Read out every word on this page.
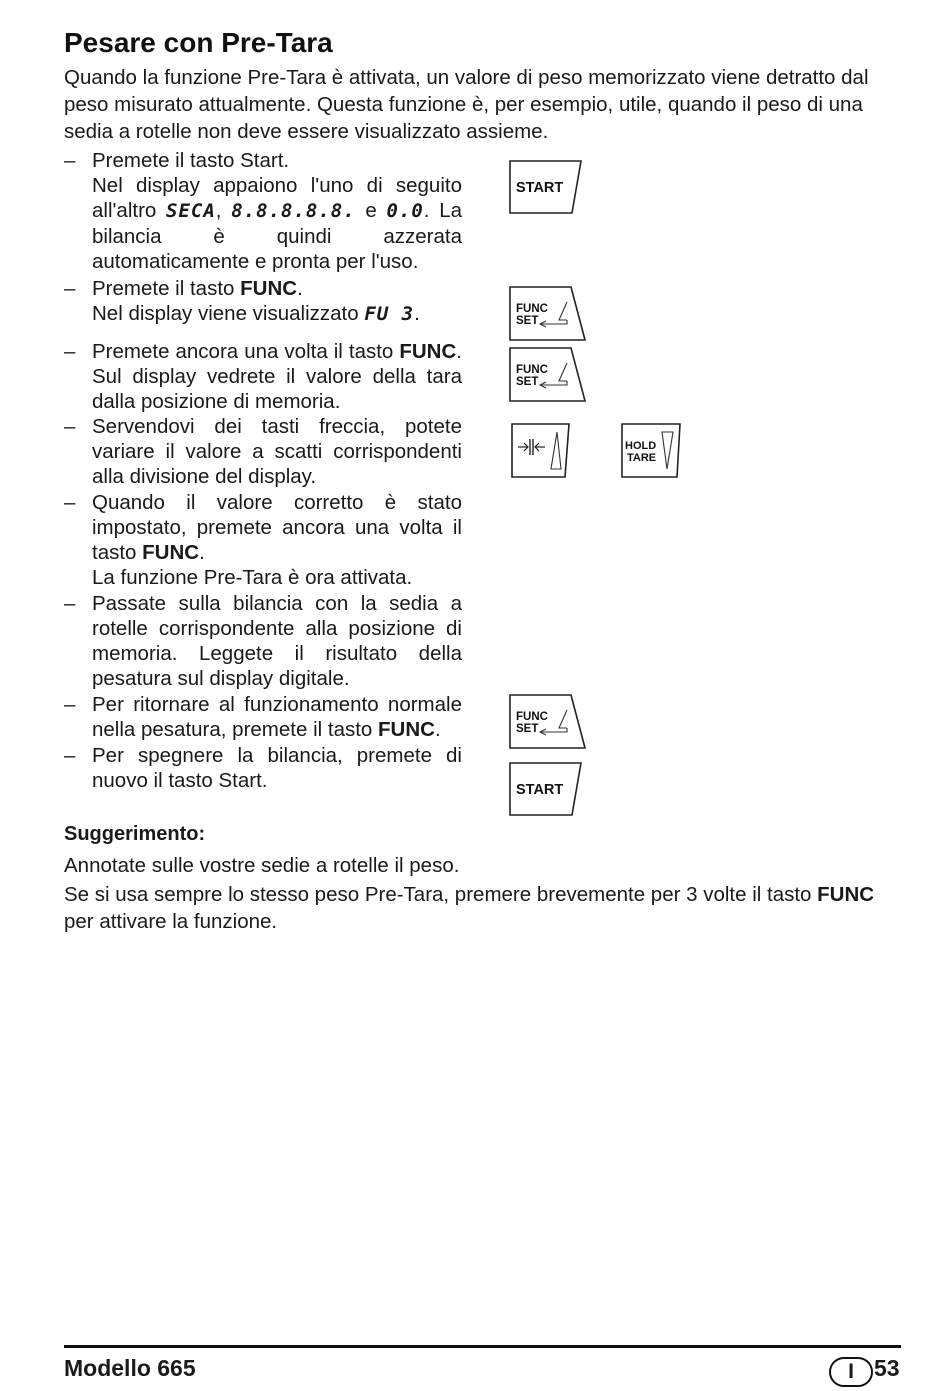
Pesare con Pre-Tara

Quando la funzione Pre-Tara è attivata, un valore di peso memorizzato viene detratto dal peso misurato attualmente. Questa funzione è, per esempio, utile, quando il peso di una sedia a rotelle non deve essere visualizzato assieme.

– Premete il tasto Start.

Nel display appaiono l'uno di seguito all'altro SECA, 8.8.8.8.8. e 0.0. La bilancia è quindi azzerata automaticamente e pronta per l'uso.

– Premete il tasto FUNC.

Nel display viene visualizzato FU 3.

– Premete ancora una volta il tasto FUNC. Sul display vedrete il valore della tara dalla posizione di memoria.

– Servendovi dei tasti freccia, potete variare il valore a scatti corrispondenti alla divisione del display.

– Quando il valore corretto è stato impostato, premete ancora una volta il tasto FUNC.

La funzione Pre-Tara è ora attivata.

– Passate sulla bilancia con la sedia a rotelle corrispondente alla posizione di memoria. Leggete il risultato della pesatura sul display digitale.

– Per ritornare al funzionamento normale nella pesatura, premete il tasto FUNC.

– Per spegnere la bilancia, premete di nuovo il tasto Start.

START
FUNC
SET
FUNC
SET
HOLD
TARE
FUNC
SET
START

Suggerimento:

Annotate sulle vostre sedie a rotelle il peso.

Se si usa sempre lo stesso peso Pre-Tara, premere brevemente per 3 volte il tasto FUNC per attivare la funzione.

Modello 665	I 53
